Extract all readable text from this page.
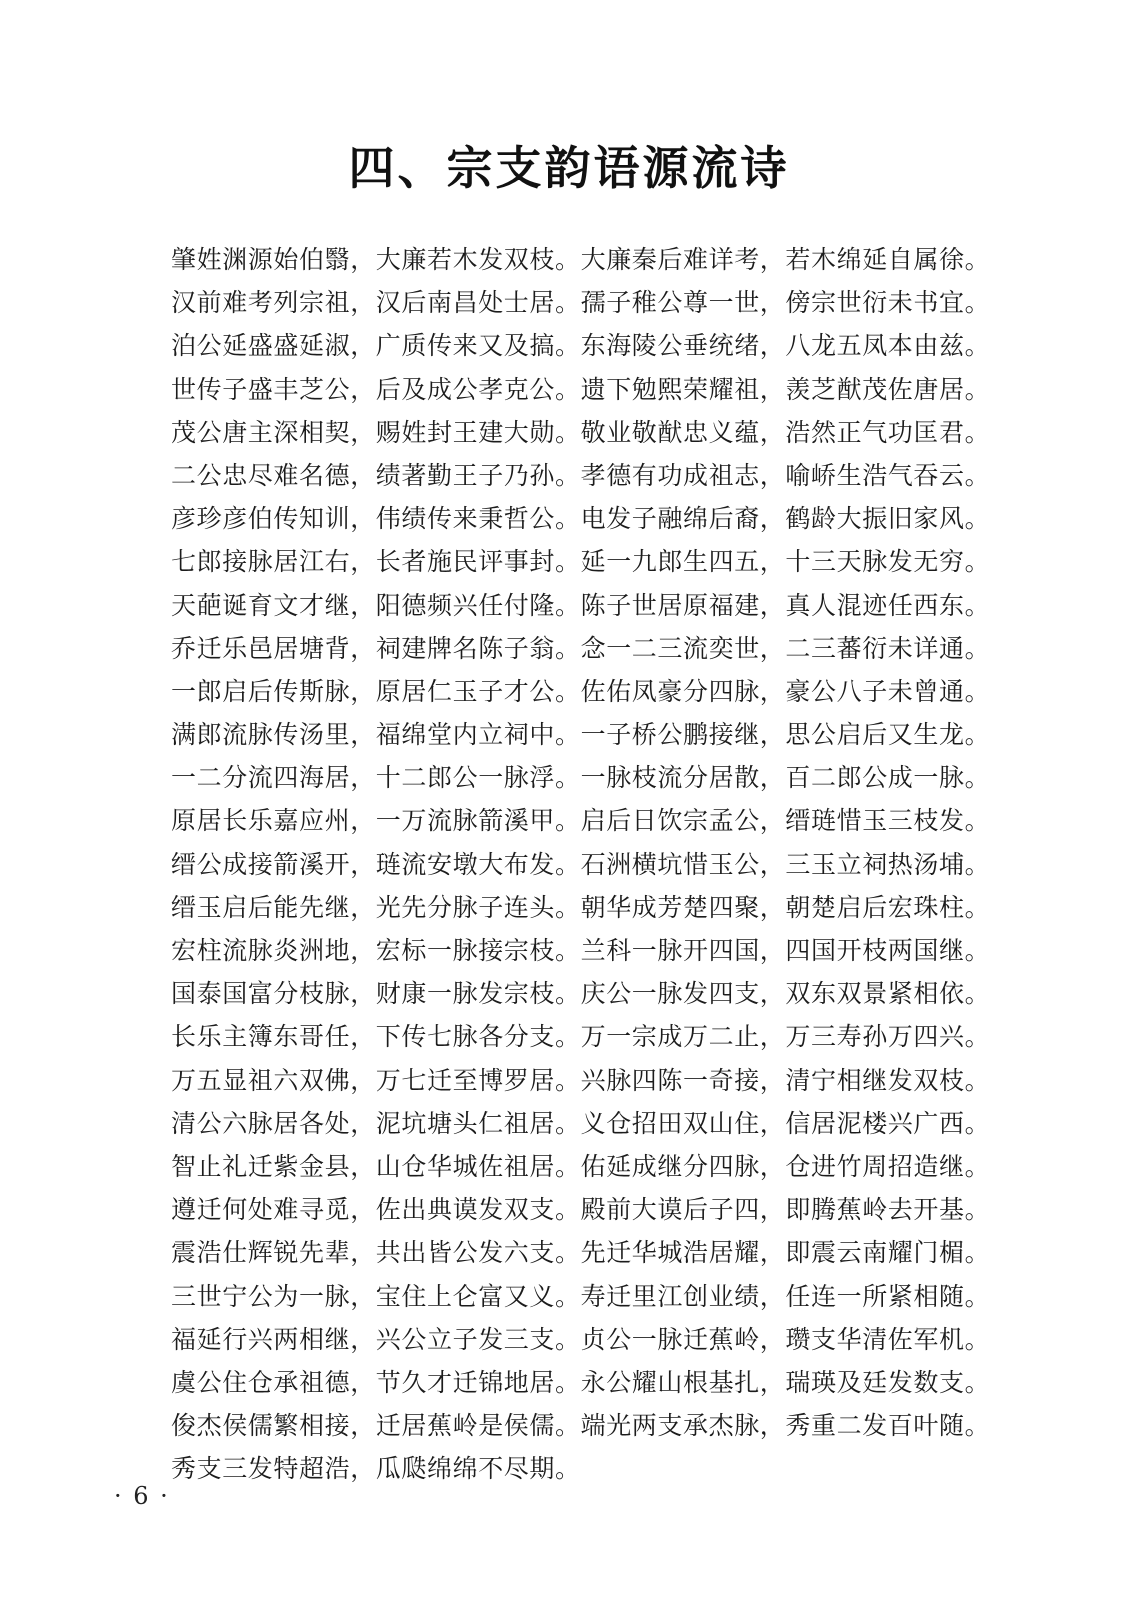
四、宗支韵语源流诗
肇姓渊源始伯翳，大廉若木发双枝。大廉秦后难详考，若木绵延自属徐。
汉前难考列宗祖，汉后南昌处士居。孺子稚公尊一世，傍宗世衍未书宜。
泊公延盛盛延淑，广质传来又及搞。东海陵公垂统绪，八龙五凤本由兹。
世传子盛丰芝公，后及成公孝克公。遗下勉熙荣耀祖，羡芝猷茂佐唐居。
茂公唐主深相契，赐姓封王建大勋。敬业敬猷忠义蕴，浩然正气功匡君。
二公忠尽难名德，绩著勤王子乃孙。孝德有功成祖志，喻峤生浩气吞云。
彦珍彦伯传知训，伟绩传来秉哲公。电发子融绵后裔，鹤龄大振旧家风。
七郎接脉居江右，长者施民评事封。延一九郎生四五，十三天脉发无穷。
天葩诞育文才继，阳德频兴任付隆。陈子世居原福建，真人混迹任西东。
乔迁乐邑居塘背，祠建牌名陈子翁。念一二三流奕世，二三蕃衍未详通。
一郎启后传斯脉，原居仁玉子才公。佐佑凤豪分四脉，豪公八子未曾通。
满郎流脉传汤里，福绵堂内立祠中。一子桥公鹏接继，思公启后又生龙。
一二分流四海居，十二郎公一脉浮。一脉枝流分居散，百二郎公成一脉。
原居长乐嘉应州，一万流脉箭溪甲。启后日饮宗孟公，缙琏惜玉三枝发。
缙公成接箭溪开，琏流安墩大布发。石洲横坑惜玉公，三玉立祠热汤埔。
缙玉启后能先继，光先分脉子连头。朝华成芳楚四聚，朝楚启后宏珠柱。
宏柱流脉炎洲地，宏标一脉接宗枝。兰科一脉开四国，四国开枝两国继。
国泰国富分枝脉，财康一脉发宗枝。庆公一脉发四支，双东双景紧相依。
长乐主簿东哥任，下传七脉各分支。万一宗成万二止，万三寿孙万四兴。
万五显祖六双佛，万七迁至博罗居。兴脉四陈一奇接，清宁相继发双枝。
清公六脉居各处，泥坑塘头仁祖居。义仓招田双山住，信居泥楼兴广西。
智止礼迁紫金县，山仓华城佐祖居。佑延成继分四脉，仓进竹周招造继。
遵迁何处难寻觅，佐出典谟发双支。殿前大谟后子四，即腾蕉岭去开基。
震浩仕辉锐先辈，共出皆公发六支。先迁华城浩居耀，即震云南耀门楣。
三世宁公为一脉，宝住上仑富又义。寿迁里江创业绩，任连一所紧相随。
福延行兴两相继，兴公立子发三支。贞公一脉迁蕉岭，瓒支华清佐军机。
虞公住仓承祖德，节久才迁锦地居。永公耀山根基扎，瑞瑛及廷发数支。
俊杰侯儒繁相接，迁居蕉岭是侯儒。端光两支承杰脉，秀重二发百叶随。
秀支三发特超浩，瓜瓞绵绵不尽期。
· 6 ·
